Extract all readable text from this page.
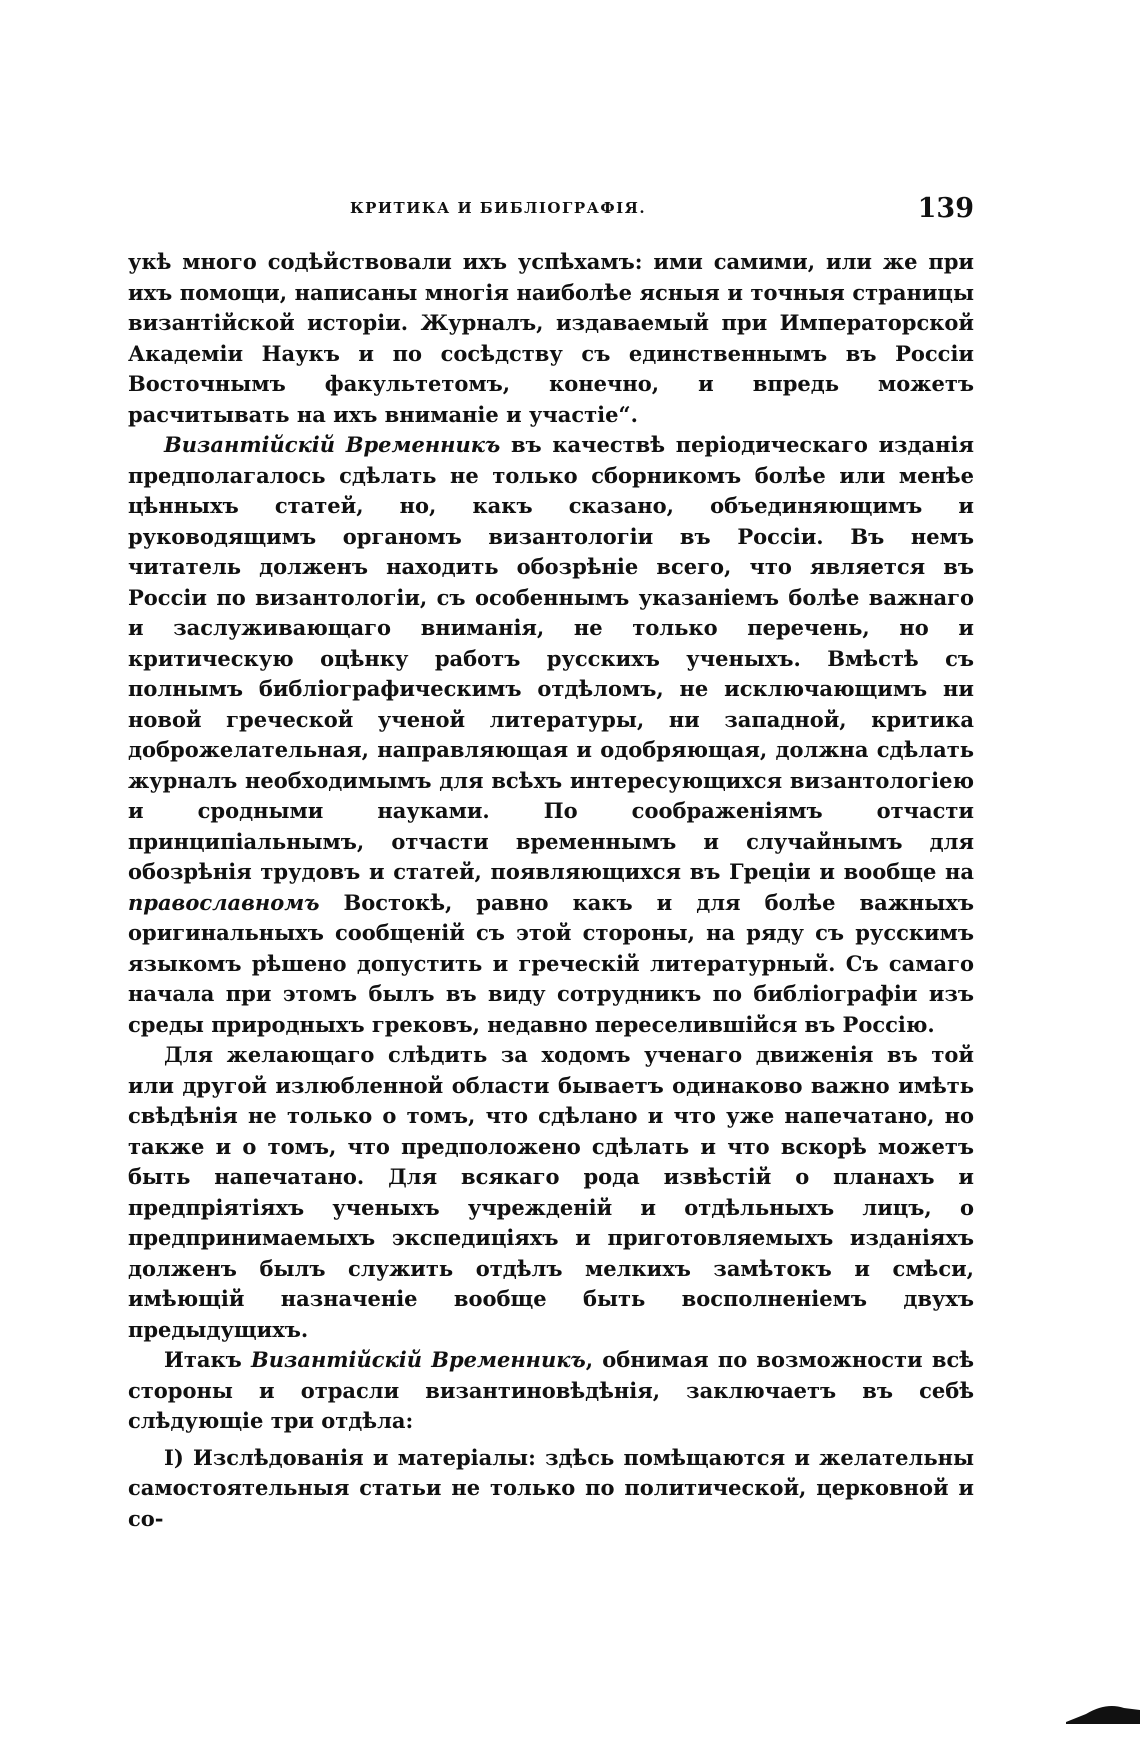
КРИТИКА И БИБЛІОГРАФІЯ.	139

укѣ много содѣйствовали ихъ успѣхамъ: ими самими, или же при ихъ помощи, написаны многія наиболѣе ясныя и точныя страницы византійской исторіи. Журналъ, издаваемый при Императорской Академіи Наукъ и по сосѣдству съ единственнымъ въ Россіи Восточнымъ факультетомъ, конечно, и впредь можетъ расчитывать на ихъ вниманіе и участіе“.

Византійскій Временникъ въ качествѣ періодическаго изданія предполагалось сдѣлать не только сборникомъ болѣе или менѣе цѣнныхъ статей, но, какъ сказано, объединяющимъ и руководящимъ органомъ византологіи въ Россіи. Въ немъ читатель долженъ находить обозрѣніе всего, что является въ Россіи по византологіи, съ особеннымъ указаніемъ болѣе важнаго и заслуживающаго вниманія, не только перечень, но и критическую оцѣнку работъ русскихъ ученыхъ. Вмѣстѣ съ полнымъ библіографическимъ отдѣломъ, не исключающимъ ни новой греческой ученой литературы, ни западной, критика доброжелательная, направляющая и одобряющая, должна сдѣлать журналъ необходимымъ для всѣхъ интересующихся византологіею и сродными науками. По соображеніямъ отчасти принципіальнымъ, отчасти временнымъ и случайнымъ для обозрѣнія трудовъ и статей, появляющихся въ Греціи и вообще на православномъ Востокѣ, равно какъ и для болѣе важныхъ оригинальныхъ сообщеній съ этой стороны, на ряду съ русскимъ языкомъ рѣшено допустить и греческій литературный. Съ самаго начала при этомъ былъ въ виду сотрудникъ по библіографіи изъ среды природныхъ грековъ, недавно переселившійся въ Россію.

Для желающаго слѣдить за ходомъ ученаго движенія въ той или другой излюбленной области бываетъ одинаково важно имѣть свѣдѣнія не только о томъ, что сдѣлано и что уже напечатано, но также и о томъ, что предположено сдѣлать и что вскорѣ можетъ быть напечатано. Для всякаго рода извѣстій о планахъ и предпріятіяхъ ученыхъ учрежденій и отдѣльныхъ лицъ, о предпринимаемыхъ экспедиціяхъ и приготовляемыхъ изданіяхъ долженъ былъ служить отдѣлъ мелкихъ замѣтокъ и смѣси, имѣющій назначеніе вообще быть восполненіемъ двухъ предыдущихъ.

Итакъ Византійскій Временникъ, обнимая по возможности всѣ стороны и отрасли византиновѣдѣнія, заключаетъ въ себѣ слѣдующіе три отдѣла:

I) Изслѣдованія и матеріалы: здѣсь помѣщаются и желательны самостоятельныя статьи не только по политической, церковной и со-
